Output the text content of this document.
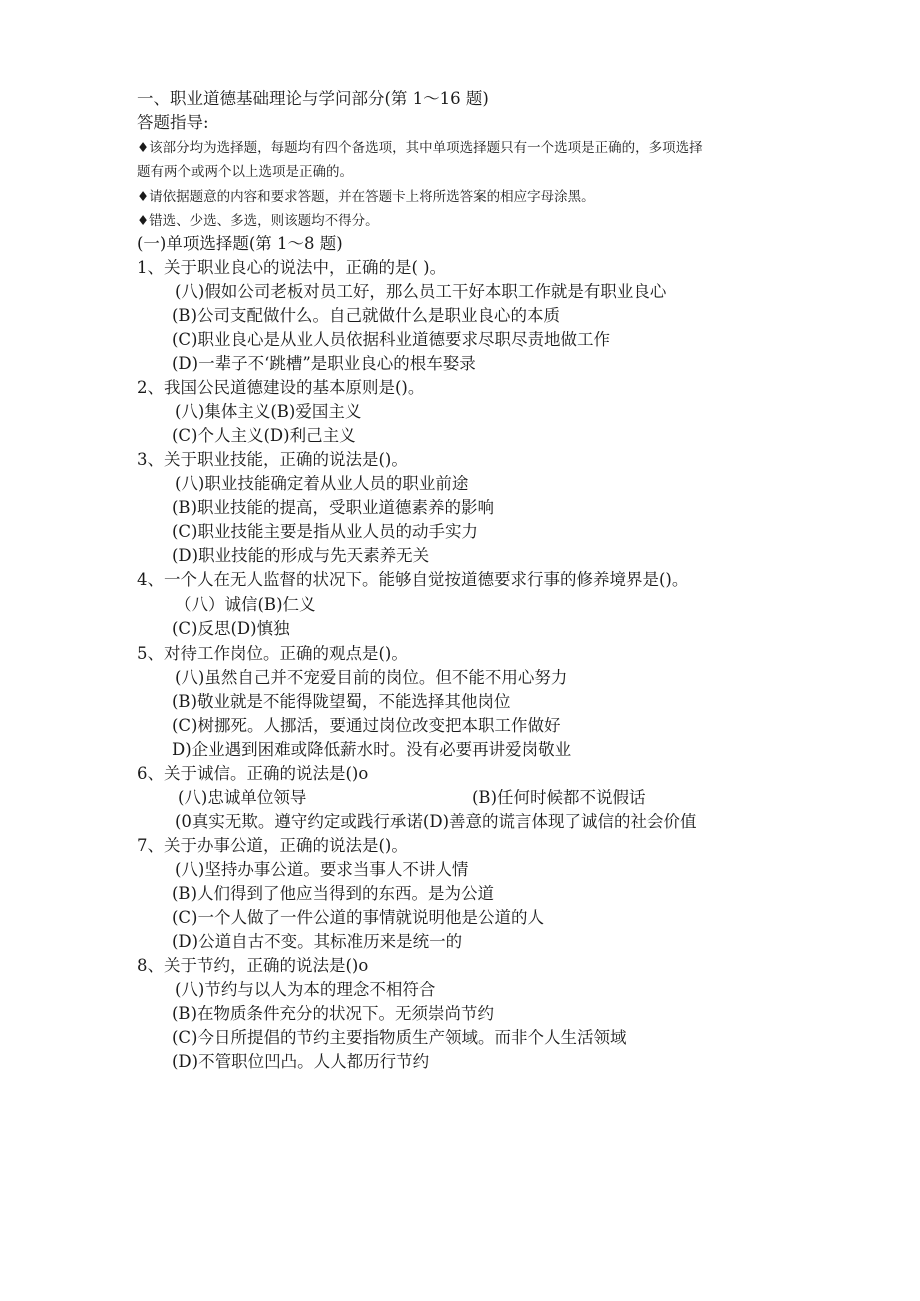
一、职业道德基础理论与学问部分(第 1〜16 题)
答题指导:
♦该部分均为选择题，每题均有四个备选项，其中单项选择题只有一个选项是正确的，多项选择
题有两个或两个以上选项是正确的。
♦请依据题意的内容和要求答题，并在答题卡上将所选答案的相应字母涂黑。
♦错选、少选、多选，则该题均不得分。
(一)单项选择题(第 1〜8 题)
1、关于职业良心的说法中，正确的是( )。
(八)假如公司老板对员工好，那么员工干好本职工作就是有职业良心
(B)公司支配做什么。自己就做什么是职业良心的本质
(C)职业良心是从业人员依据科业道德要求尽职尽责地做工作
(D)一辈子不‘跳槽”是职业良心的根车娶录
2、我国公民道德建设的基本原则是()。
(八)集体主义(B)爱国主义
(C)个人主义(D)利己主义
3、关于职业技能，正确的说法是()。
(八)职业技能确定着从业人员的职业前途
(B)职业技能的提高，受职业道德素养的影响
(C)职业技能主要是指从业人员的动手实力
(D)职业技能的形成与先天素养无关
4、一个人在无人监督的状况下。能够自觉按道德要求行事的修养境界是()。
（八）诚信(B)仁义
(C)反思(D)慎独
5、对待工作岗位。正确的观点是()。
(八)虽然自己并不宠爱目前的岗位。但不能不用心努力
(B)敬业就是不能得陇望蜀，不能选择其他岗位
(C)树挪死。人挪活，要通过岗位改变把本职工作做好
D)企业遇到困难或降低薪水时。没有必要再讲爱岗敬业
6、关于诚信。正确的说法是()o
(八)忠诚单位领导	(B)任何时候都不说假话
(0真实无欺。遵守约定或践行承诺(D)善意的谎言体现了诚信的社会价值
7、关于办事公道，正确的说法是()。
(八)坚持办事公道。要求当事人不讲人情
(B)人们得到了他应当得到的东西。是为公道
(C)一个人做了一件公道的事情就说明他是公道的人
(D)公道自古不变。其标准历来是统一的
8、关于节约，正确的说法是()o
(八)节约与以人为本的理念不相符合
(B)在物质条件充分的状况下。无须崇尚节约
(C)今日所提倡的节约主要指物质生产领域。而非个人生活领域
(D)不管职位凹凸。人人都历行节约
